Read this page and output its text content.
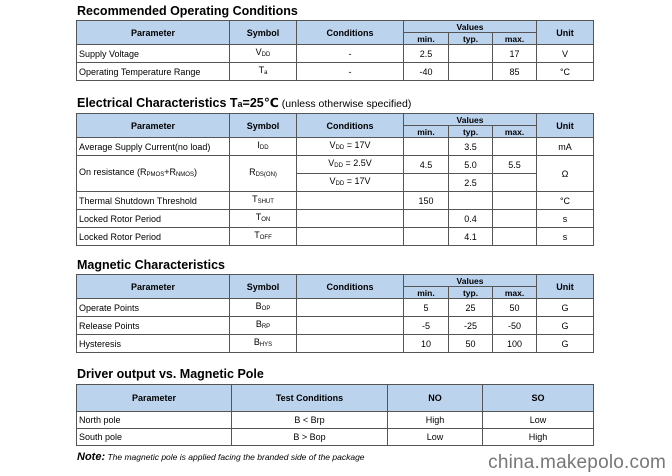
Recommended Operating Conditions
Parameter	Symbol	Conditions	Values			Unit
			min.	typ.	max.	
Supply Voltage	VDD	-	2.5		17	V
Operating Temperature Range	Ta	-	-40		85	°C
Electrical Characteristics Ta=25℃ (unless otherwise specified)
Parameter	Symbol	Conditions	Values			Unit
			min.	typ.	max.	
Average Supply Current(no load)	IDD	VDD = 17V		3.5		mA
On resistance (RPMOS+RNMOS)	RDS(ON)	VDD = 2.5V	4.5	5.0	5.5	Ω
		VDD = 17V		2.5		
Thermal Shutdown Threshold	TSHUT		150			°C
Locked Rotor Period	TON			0.4		s
Locked Rotor Period	TOFF			4.1		s
Magnetic Characteristics
Parameter	Symbol	Conditions	Values			Unit
			min.	typ.	max.	
Operate Points	BOP		5	25	50	G
Release Points	BRP		-5	-25	-50	G
Hysteresis	BHYS		10	50	100	G
Driver output vs. Magnetic Pole
Parameter	Test Conditions	NO	SO
North pole	B < Brp	High	Low
South pole	B > Bop	Low	High
Note: The magnetic pole is applied facing the branded side of the package	china.makepolo.com
